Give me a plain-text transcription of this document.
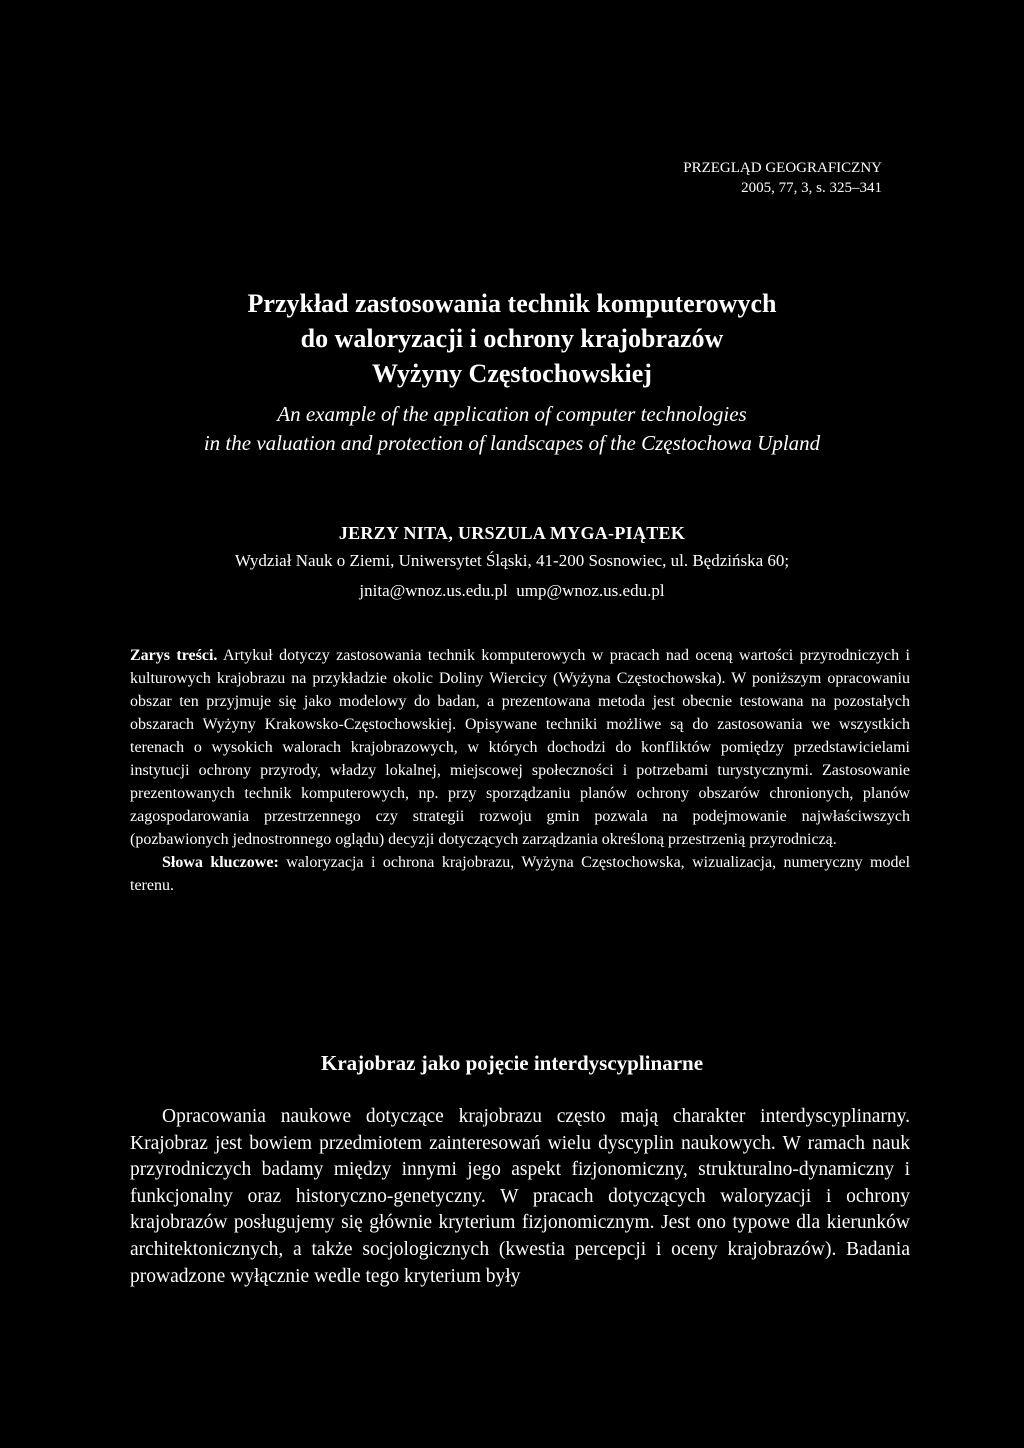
PRZEGLĄD GEOGRAFICZNY
2005, 77, 3, s. 325–341
Przykład zastosowania technik komputerowych
do waloryzacji i ochrony krajobrazów
Wyżyny Częstochowskiej
An example of the application of computer technologies
in the valuation and protection of landscapes of the Częstochowa Upland
JERZY NITA, URSZULA MYGA-PIĄTEK
Wydział Nauk o Ziemi, Uniwersytet Śląski, 41-200 Sosnowiec, ul. Będzińska 60;
jnita@wnoz.us.edu.pl  ump@wnoz.us.edu.pl

Zarys treści. Artykuł dotyczy zastosowania technik komputerowych w pracach nad oceną wartości przyrodniczych i kulturowych krajobrazu na przykładzie okolic Doliny Wiercicy (Wyżyna Częstochowska). W poniższym opracowaniu obszar ten przyjmuje się jako modelowy do badan, a prezentowana metoda jest obecnie testowana na pozostałych obszarach Wyżyny Krakowsko-Częstochowskiej. Opisywane techniki możliwe są do zastosowania we wszystkich terenach o wysokich walorach krajobrazowych, w których dochodzi do konfliktów pomiędzy przedstawicielami instytucji ochrony przyrody, władzy lokalnej, miejscowej społeczności i potrzebami turystycznymi. Zastosowanie prezentowanych technik komputerowych, np. przy sporządzaniu planów ochrony obszarów chronionych, planów zagospodarowania przestrzennego czy strategii rozwoju gmin pozwala na podejmowanie najwłaściwszych (pozbawionych jednostronnego oglądu) decyzji dotyczących zarządzania określoną przestrzenią przyrodniczą.

Słowa kluczowe: waloryzacja i ochrona krajobrazu, Wyżyna Częstochowska, wizualizacja, numeryczny model terenu.

Krajobraz jako pojęcie interdyscyplinarne

Opracowania naukowe dotyczące krajobrazu często mają charakter interdyscyplinarny. Krajobraz jest bowiem przedmiotem zainteresowań wielu dyscyplin naukowych. W ramach nauk przyrodniczych badamy między innymi jego aspekt fizjonomiczny, strukturalno-dynamiczny i funkcjonalny oraz historyczno-genetyczny. W pracach dotyczących waloryzacji i ochrony krajobrazów posługujemy się głównie kryterium fizjonomicznym. Jest ono typowe dla kierunków architektonicznych, a także socjologicznych (kwestia percepcji i oceny krajobrazów). Badania prowadzone wyłącznie wedle tego kryterium były
